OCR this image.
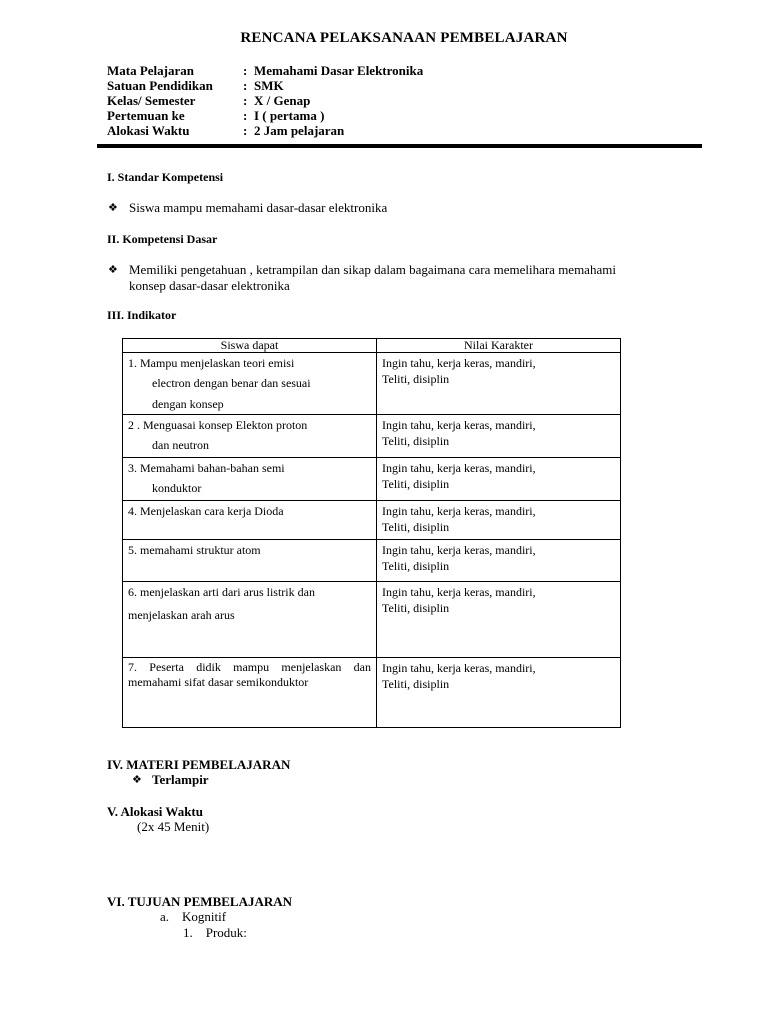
RENCANA PELAKSANAAN PEMBELAJARAN
Mata Pelajaran	: Memahami Dasar Elektronika
Satuan Pendidikan : SMK
Kelas/ Semester	: X / Genap
Pertemuan ke	: I ( pertama )
Alokasi Waktu	: 2 Jam pelajaran
I. Standar Kompetensi
❖ Siswa mampu memahami dasar-dasar elektronika
II. Kompetensi Dasar
❖ Memiliki pengetahuan , ketrampilan dan sikap dalam bagaimana cara memelihara memahami
konsep dasar-dasar elektronika
III. Indikator
Siswa dapat	Nilai Karakter

1. Mampu menjelaskan teori emisi
electron dengan benar dan sesuai
dengan konsep	Ingin tahu, kerja keras, mandiri,
Teliti, disiplin

2 . Menguasai konsep Elekton proton
dan neutron	Ingin tahu, kerja keras, mandiri,
Teliti, disiplin

3. Memahami bahan-bahan semi
konduktor	Ingin tahu, kerja keras, mandiri,
Teliti, disiplin

4. Menjelaskan cara kerja Dioda	Ingin tahu, kerja keras, mandiri,
Teliti, disiplin

5. memahami struktur atom	Ingin tahu, kerja keras, mandiri,
Teliti, disiplin

6. menjelaskan arti dari arus listrik dan
menjelaskan arah arus	Ingin tahu, kerja keras, mandiri,
Teliti, disiplin

7. Peserta didik mampu menjelaskan dan memahami sifat dasar semikonduktor	Ingin tahu, kerja keras, mandiri,
Teliti, disiplin
IV. MATERI PEMBELAJARAN
❖ Terlampir
V. Alokasi Waktu
(2x 45 Menit)
VI. TUJUAN PEMBELAJARAN
a.    Kognitif
1.    Produk:
